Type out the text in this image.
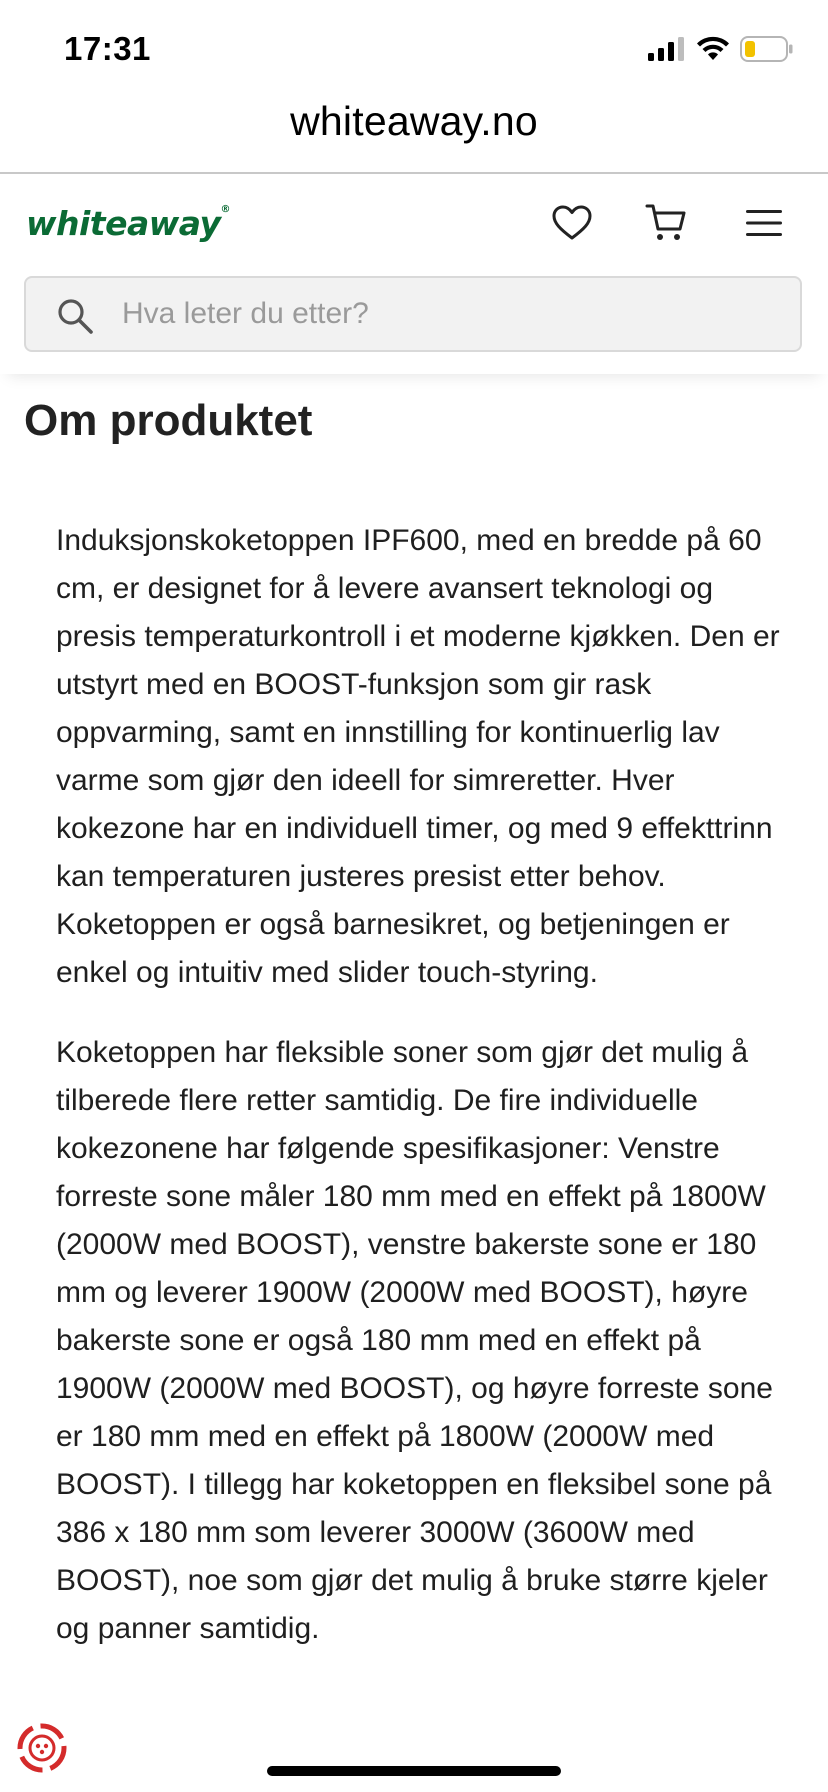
17:31
whiteaway.no
whiteaway®
Hva leter du etter?
Om produktet

Induksjonskoketoppen IPF600, med en bredde på 60 cm, er designet for å levere avansert teknologi og presis temperaturkontroll i et moderne kjøkken. Den er utstyrt med en BOOST-funksjon som gir rask oppvarming, samt en innstilling for kontinuerlig lav varme som gjør den ideell for simreretter. Hver kokezone har en individuell timer, og med 9 effekttrinn kan temperaturen justeres presist etter behov. Koketoppen er også barnesikret, og betjeningen er enkel og intuitiv med slider touch-styring.

Koketoppen har fleksible soner som gjør det mulig å tilberede flere retter samtidig. De fire individuelle kokezonene har følgende spesifikasjoner: Venstre forreste sone måler 180 mm med en effekt på 1800W (2000W med BOOST), venstre bakerste sone er 180 mm og leverer 1900W (2000W med BOOST), høyre bakerste sone er også 180 mm med en effekt på 1900W (2000W med BOOST), og høyre forreste sone er 180 mm med en effekt på 1800W (2000W med BOOST). I tillegg har koketoppen en fleksibel sone på 386 x 180 mm som leverer 3000W (3600W med BOOST), noe som gjør det mulig å bruke større kjeler og panner samtidig.
